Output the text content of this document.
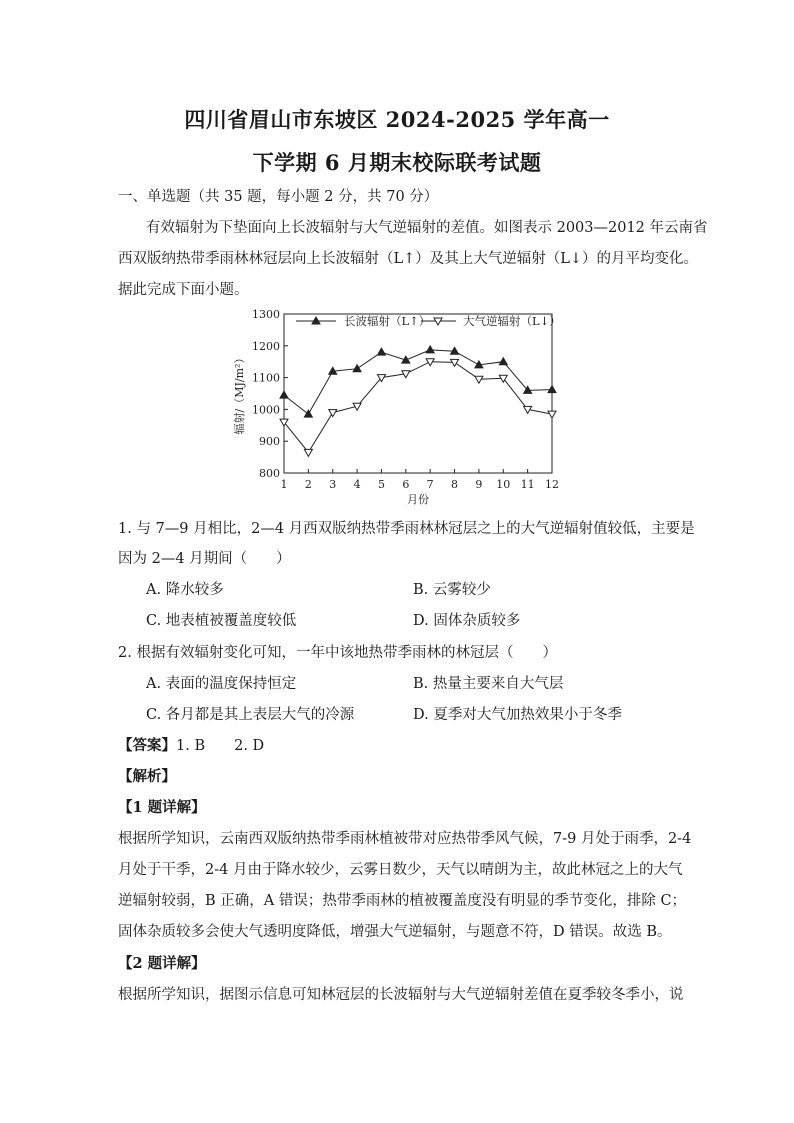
四川省眉山市东坡区 2024-2025 学年高一
下学期 6 月期末校际联考试题
一、单选题（共 35 题，每小题 2 分，共 70 分）
有效辐射为下垫面向上长波辐射与大气逆辐射的差值。如图表示 2003—2012 年云南省
西双版纳热带季雨林林冠层向上长波辐射（L↑）及其上大气逆辐射（L↓）的月平均变化。
据此完成下面小题。
800
900
1000
1100
1200
1300
1 2 3 4 5 6 7 8 9 10 11 12
月份
辐射/（MJ/m²）
长波辐射（L↑）	大气逆辐射（L↓）
1. 与 7—9 月相比，2—4 月西双版纳热带季雨林林冠层之上的大气逆辐射值较低，主要是
因为 2—4 月期间（　　）
A. 降水较多	B. 云雾较少
C. 地表植被覆盖度较低	D. 固体杂质较多
2. 根据有效辐射变化可知，一年中该地热带季雨林的林冠层（　　）
A. 表面的温度保持恒定	B. 热量主要来自大气层
C. 各月都是其上表层大气的冷源	D. 夏季对大气加热效果小于冬季
【答案】1. B　　2. D
【解析】
【1 题详解】
根据所学知识，云南西双版纳热带季雨林植被带对应热带季风气候，7-9 月处于雨季，2-4
月处于干季，2-4 月由于降水较少，云雾日数少，天气以晴朗为主，故此林冠之上的大气
逆辐射较弱，B 正确，A 错误；热带季雨林的植被覆盖度没有明显的季节变化，排除 C；
固体杂质较多会使大气透明度降低，增强大气逆辐射，与题意不符，D 错误。故选 B。
【2 题详解】
根据所学知识，据图示信息可知林冠层的长波辐射与大气逆辐射差值在夏季较冬季小，说
